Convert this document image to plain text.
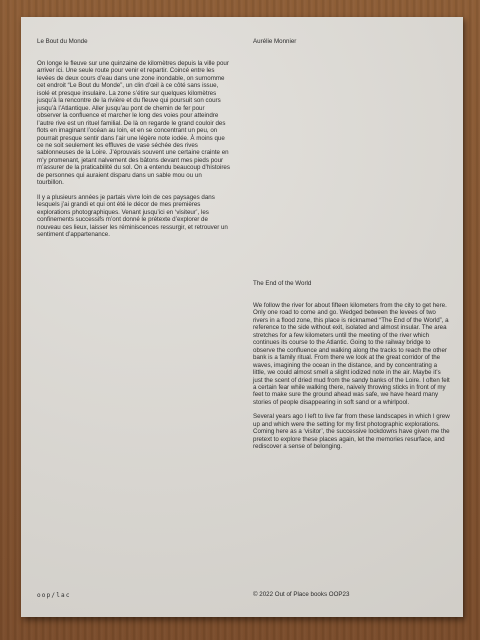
Le Bout du Monde	Aurélie Monnier

On longe le fleuve sur une quinzaine de kilomètres depuis la ville pour arriver ici. Une seule route pour venir et repartir. Coincé entre les levées de deux cours d’eau dans une zone inondable, on surnomme cet endroit “Le Bout du Monde”, un clin d’œil à ce côté sans issue, isolé et presque insulaire. La zone s’étire sur quelques kilomètres jusqu’à la rencontre de la rivière et du fleuve qui poursuit son cours jusqu’à l’Atlantique. Aller jusqu’au pont de chemin de fer pour observer la confluence et marcher le long des voies pour atteindre l’autre rive est un rituel familial. De là on regarde le grand couloir des flots en imaginant l’océan au loin, et en se concentrant un peu, on pourrait presque sentir dans l’air une légère note iodée. À moins que ce ne soit seulement les effluves de vase séchée des rives sablonneuses de la Loire. J’éprouvais souvent une certaine crainte en m’y promenant, jetant nalvement des bâtons devant mes pieds pour m’assurer de la praticabilité du sol. On a entendu beaucoup d’histoires de personnes qui auraient disparu dans un sable mou ou un tourbillon.

Il y a plusieurs années je partais vivre loin de ces paysages dans lesquels j’ai grandi et qui ont été le décor de mes premières explorations photographiques. Venant jusqu’ici en ‘visiteur’, les confinements successifs m’ont donné le prétexte d’explorer de nouveau ces lieux, laisser les réminiscences ressurgir, et retrouver un sentiment d’appartenance.

The End of the World

We follow the river for about fifteen kilometers from the city to get here. Only one road to come and go. Wedged between the levees of two rivers in a flood zone, this place is nicknamed “The End of the World”, a reference to the side without exit, isolated and almost insular. The area stretches for a few kilometers until the meeting of the river which continues its course to the Atlantic. Going to the railway bridge to observe the confluence and walking along the tracks to reach the other bank is a family ritual. From there we look at the great corridor of the waves, imagining the ocean in the distance, and by concentrating a little, we could almost smell a slight iodized note in the air. Maybe it’s just the scent of dried mud from the sandy banks of the Loire. I often felt a certain fear while walking there, naively throwing sticks in front of my feet to make sure the ground ahead was safe, we have heard many stories of people disappearing in soft sand or a whirlpool.

Several years ago I left to live far from these landscapes in which I grew up and which were the setting for my first photographic explorations. Coming here as a ‘visitor’, the successive lockdowns have given me the pretext to explore these places again, let the memories resurface, and rediscover a sense of belonging.

oop/lac	© 2022 Out of Place books OOP23
